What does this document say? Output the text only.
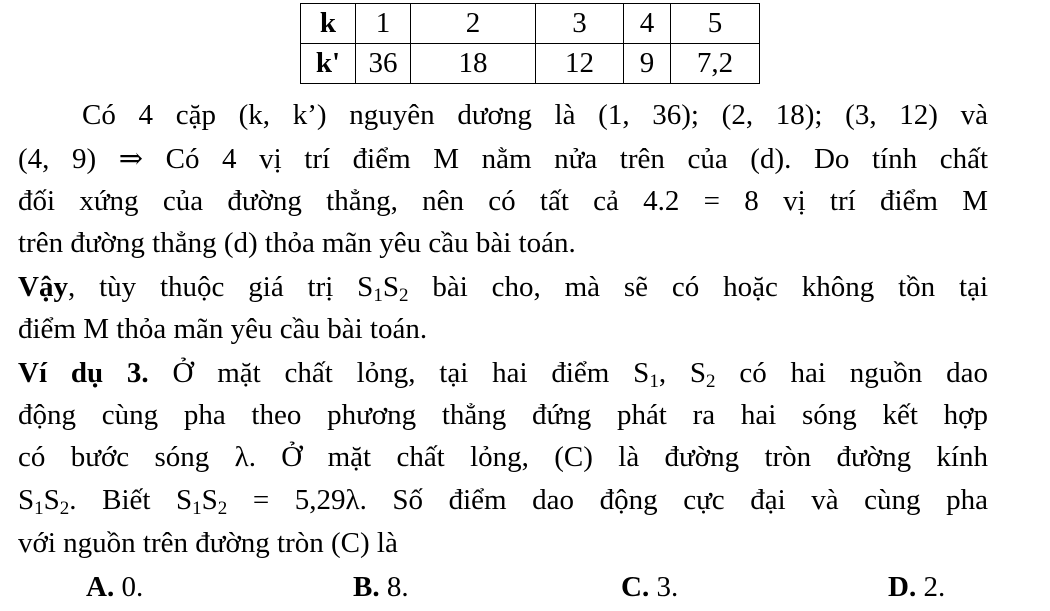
k	1	2	3	4	5
k'	36	18	12	9	7,2
Có 4 cặp (k, k’) nguyên dương là (1, 36); (2, 18); (3, 12) và
(4, 9) ⇒ Có 4 vị trí điểm M nằm nửa trên của (d). Do tính chất
đối xứng của đường thẳng, nên có tất cả 4.2 = 8 vị trí điểm M
trên đường thẳng (d) thỏa mãn yêu cầu bài toán.
Vậy, tùy thuộc giá trị $S_1S_2$ bài cho, mà sẽ có hoặc không tồn tại
điểm M thỏa mãn yêu cầu bài toán.
Ví dụ 3. Ở mặt chất lỏng, tại hai điểm $S_1$, $S_2$ có hai nguồn dao
động cùng pha theo phương thẳng đứng phát ra hai sóng kết hợp
có bước sóng λ. Ở mặt chất lỏng, (C) là đường tròn đường kính
$S_1S_2$. Biết $S_1S_2 = 5,29\lambda$. Số điểm dao động cực đại và cùng pha
với nguồn trên đường tròn (C) là
A. 0.	B. 8.	C. 3.	D. 2.
